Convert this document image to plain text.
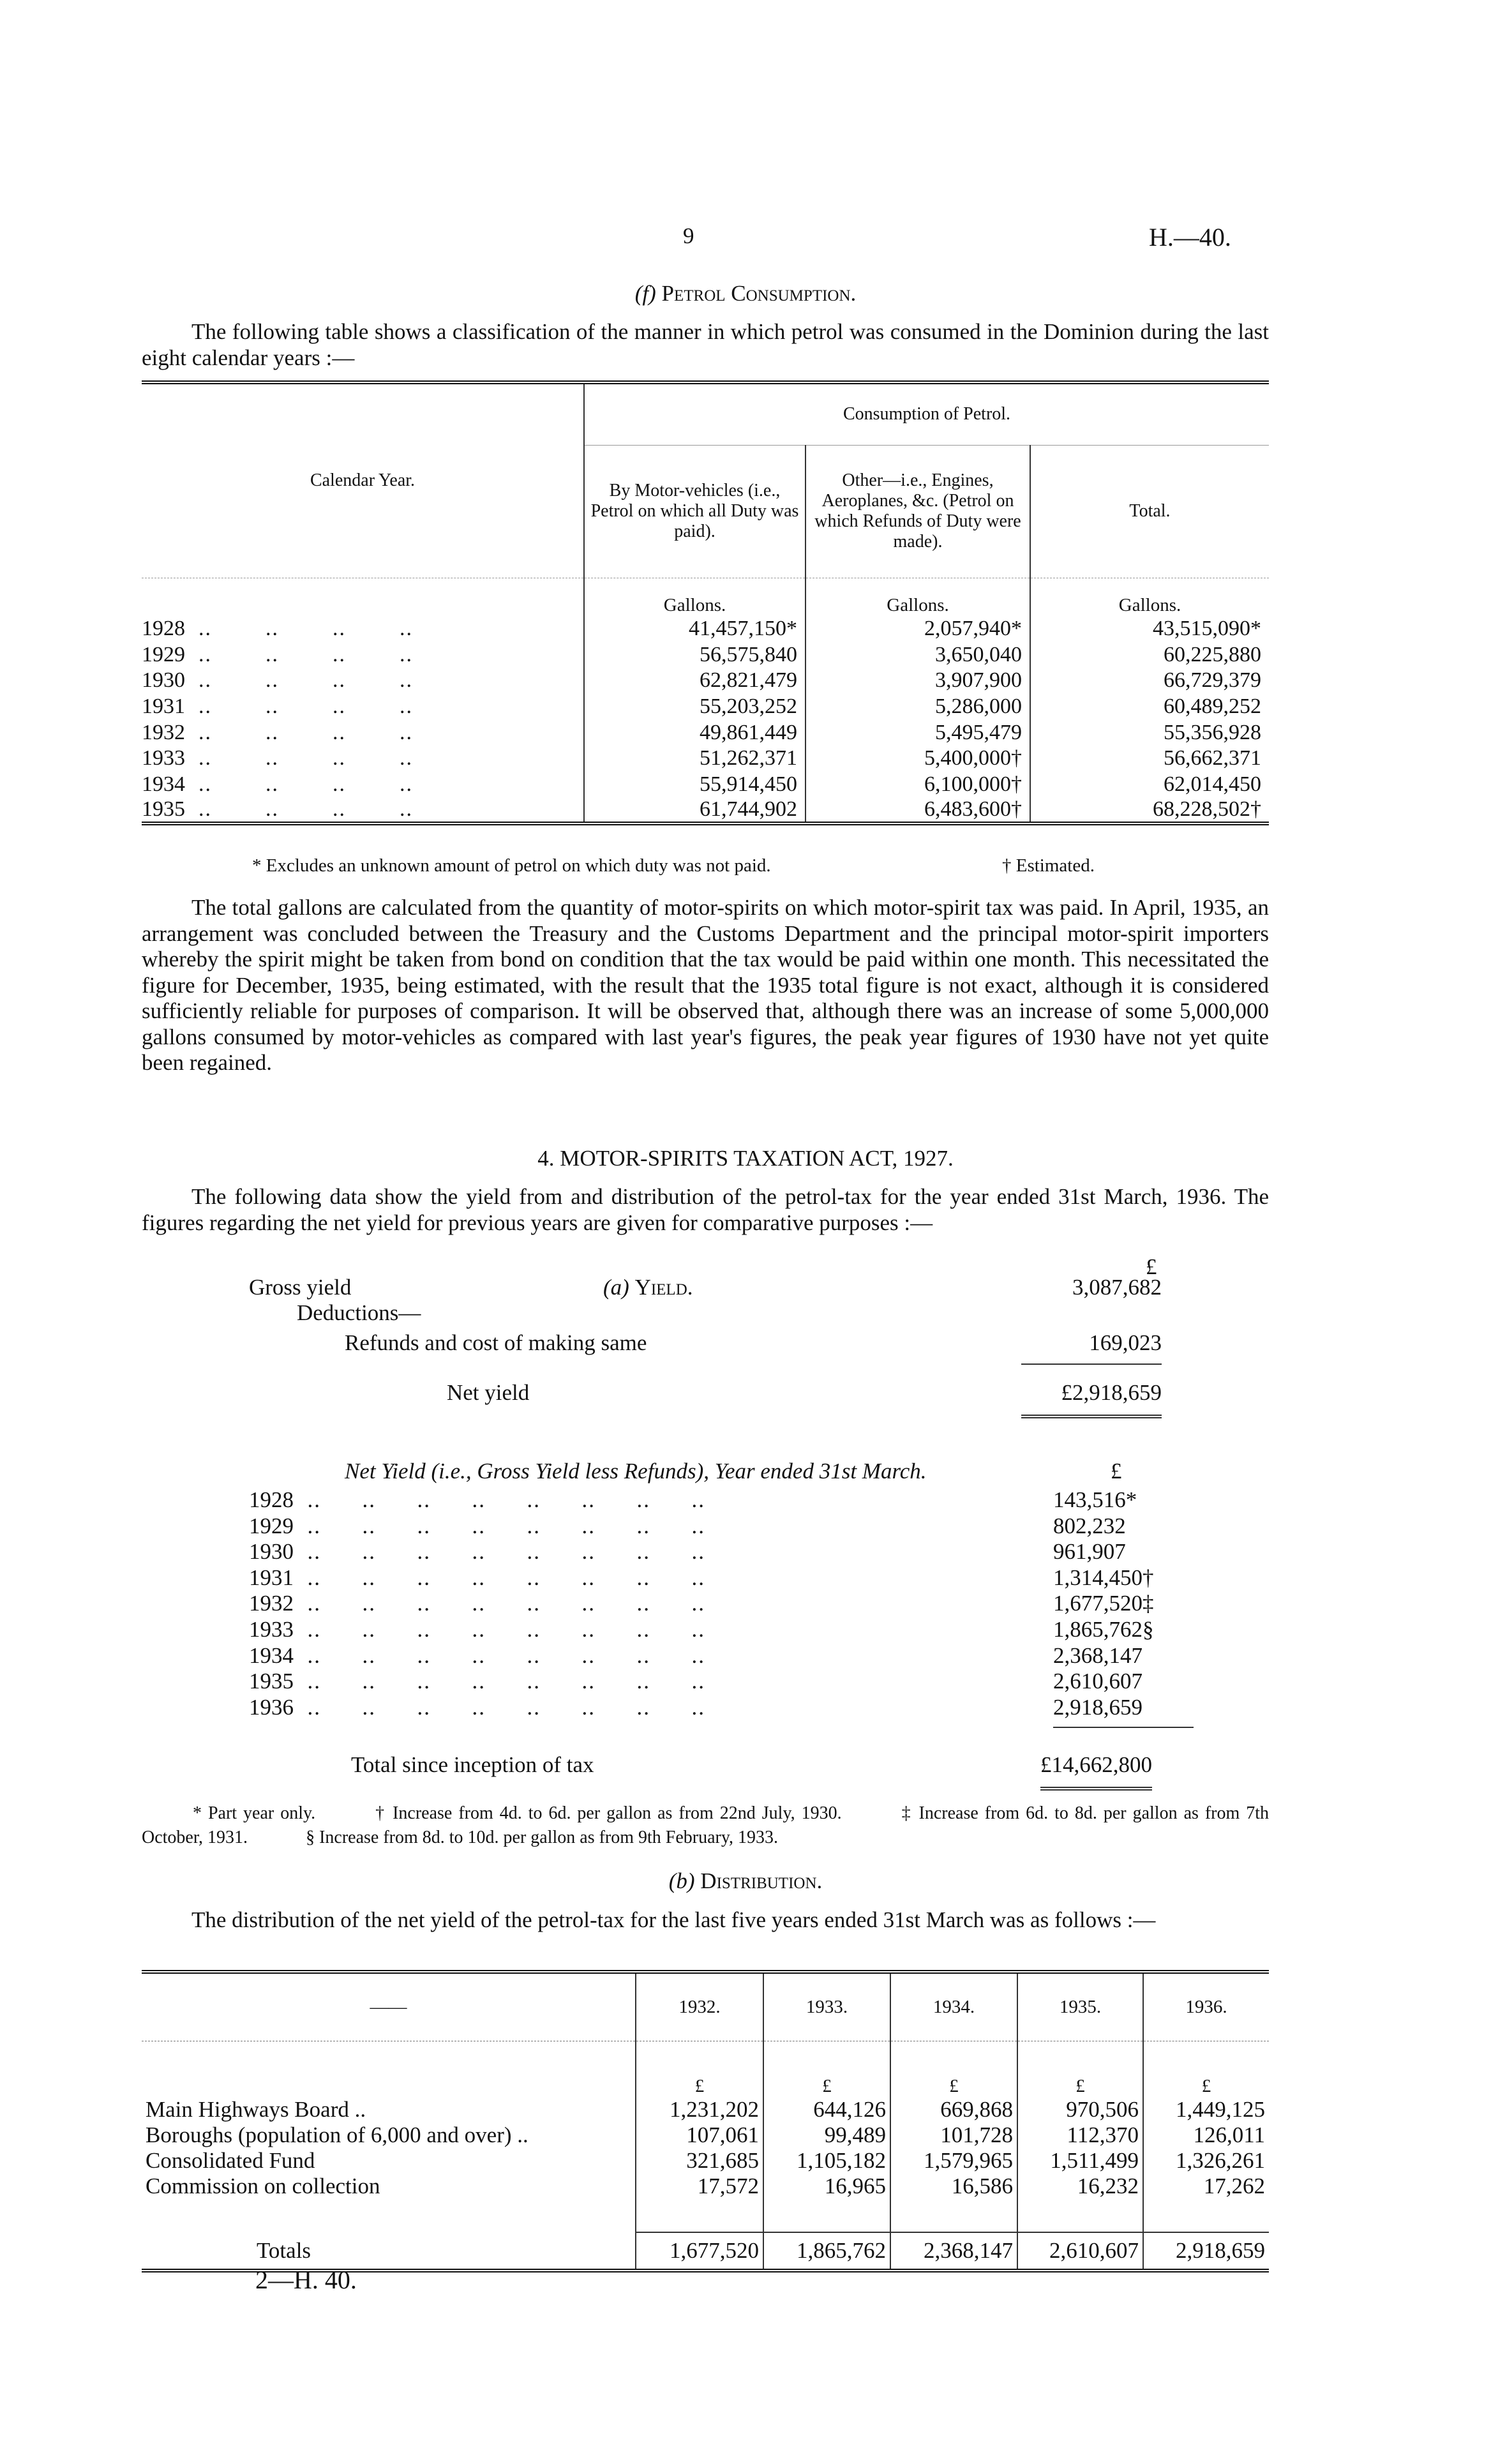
9	H.—40.
(f) Petrol Consumption.
The following table shows a classification of the manner in which petrol was consumed in the Dominion during the last eight calendar years :—
Calendar Year.	Consumption of Petrol.		
	By Motor-vehicles (i.e., Petrol on which all Duty was paid).	Other—i.e., Engines, Aeroplanes, &c. (Petrol on which Refunds of Duty were made).	Total.
	Gallons.	Gallons.	Gallons.
1928 ..	41,457,150*	2,057,940*	43,515,090*
1929 ..	56,575,840	3,650,040	60,225,880
1930 ..	62,821,479	3,907,900	66,729,379
1931 ..	55,203,252	5,286,000	60,489,252
1932 ..	49,861,449	5,495,479	55,356,928
1933 ..	51,262,371	5,400,000†	56,662,371
1934 ..	55,914,450	6,100,000†	62,014,450
1935 ..	61,744,902	6,483,600†	68,228,502†
* Excludes an unknown amount of petrol on which duty was not paid.	† Estimated.
The total gallons are calculated from the quantity of motor-spirits on which motor-spirit tax was paid. In April, 1935, an arrangement was concluded between the Treasury and the Customs Department and the principal motor-spirit importers whereby the spirit might be taken from bond on condition that the tax would be paid within one month. This necessitated the figure for December, 1935, being estimated, with the result that the 1935 total figure is not exact, although it is considered sufficiently reliable for purposes of comparison. It will be observed that, although there was an increase of some 5,000,000 gallons consumed by motor-vehicles as compared with last year's figures, the peak year figures of 1930 have not yet quite been regained.
4. MOTOR-SPIRITS TAXATION ACT, 1927.
The following data show the yield from and distribution of the petrol-tax for the year ended 31st March, 1936. The figures regarding the net yield for previous years are given for comparative purposes :—
(a) Yield.
£
Gross yield	3,087,682
Deductions—
Refunds and cost of making same	169,023
Net yield	£2,918,659
Net Yield (i.e., Gross Yield less Refunds), Year ended 31st March.	£
1928 ..	143,516*
1929 ..	802,232
1930 ..	961,907
1931 ..	1,314,450†
1932 ..	1,677,520‡
1933 ..	1,865,762§
1934 ..	2,368,147
1935 ..	2,610,607
1936 ..	2,918,659
Total since inception of tax	£14,662,800
* Part year only.   	† Increase from 4d. to 6d. per gallon as from 22nd July, 1930.   	‡ Increase from 6d. to 8d. per gallon as from 7th October, 1931.   	§ Increase from 8d. to 10d. per gallon as from 9th February, 1933.
(b) Distribution.
The distribution of the net yield of the petrol-tax for the last five years ended 31st March was as follows :—
——	1932.	1933.	1934.	1935.	1936.
	£	£	£	£	£
Main Highways Board ..	1,231,202	644,126	669,868	970,506	1,449,125
Boroughs (population of 6,000 and over) ..	107,061	99,489	101,728	112,370	126,011
Consolidated Fund	321,685	1,105,182	1,579,965	1,511,499	1,326,261
Commission on collection	17,572	16,965	16,586	16,232	17,262

Totals	1,677,520	1,865,762	2,368,147	2,610,607	2,918,659
2—H. 40.
